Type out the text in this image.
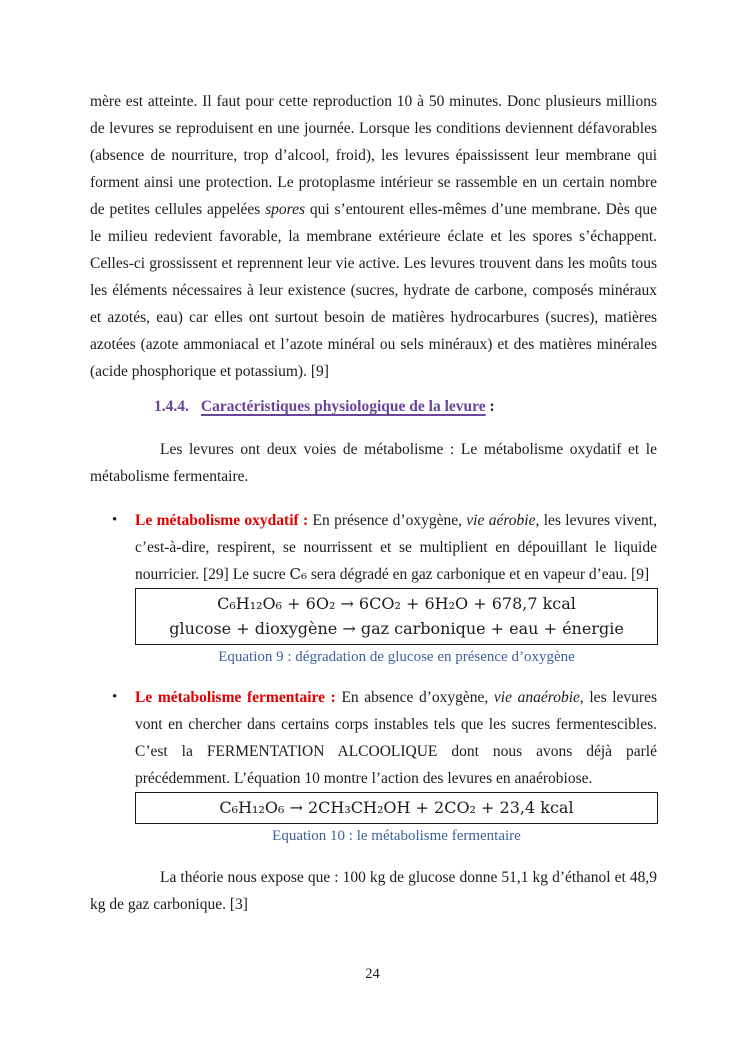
mère est atteinte. Il faut pour cette reproduction 10 à 50 minutes. Donc plusieurs millions de levures se reproduisent en une journée. Lorsque les conditions deviennent défavorables (absence de nourriture, trop d’alcool, froid), les levures épaississent leur membrane qui forment ainsi une protection. Le protoplasme intérieur se rassemble en un certain nombre de petites cellules appelées spores qui s’entourent elles-mêmes d’une membrane. Dès que le milieu redevient favorable, la membrane extérieure éclate et les spores s’échappent. Celles-ci grossissent et reprennent leur vie active. Les levures trouvent dans les moûts tous les éléments nécessaires à leur existence (sucres, hydrate de carbone, composés minéraux et azotés, eau) car elles ont surtout besoin de matières hydrocarbures (sucres), matières azotées (azote ammoniacal et l’azote minéral ou sels minéraux) et des matières minérales (acide phosphorique et potassium). [9]

1.4.4. Caractéristiques physiologique de la levure :

Les levures ont deux voies de métabolisme : Le métabolisme oxydatif et le métabolisme fermentaire.

• Le métabolisme oxydatif : En présence d’oxygène, vie aérobie, les levures vivent, c’est-à-dire, respirent, se nourrissent et se multiplient en dépouillant le liquide nourricier. [29] Le sucre C₆ sera dégradé en gaz carbonique et en vapeur d’eau. [9]
C₆H₁₂O₆ + 6O₂ → 6CO₂ + 6H₂O + 678,7 kcal
glucose + dioxygène → gaz carbonique + eau + énergie
Equation 9 : dégradation de glucose en présence d’oxygène
• Le métabolisme fermentaire : En absence d’oxygène, vie anaérobie, les levures vont en chercher dans certains corps instables tels que les sucres fermentescibles. C’est la FERMENTATION ALCOOLIQUE dont nous avons déjà parlé précédemment. L’équation 10 montre l’action des levures en anaérobiose.
C₆H₁₂O₆ → 2CH₃CH₂OH + 2CO₂ + 23,4 kcal
Equation 10 : le métabolisme fermentaire

La théorie nous expose que : 100 kg de glucose donne 51,1 kg d’éthanol et 48,9 kg de gaz carbonique. [3]

24
